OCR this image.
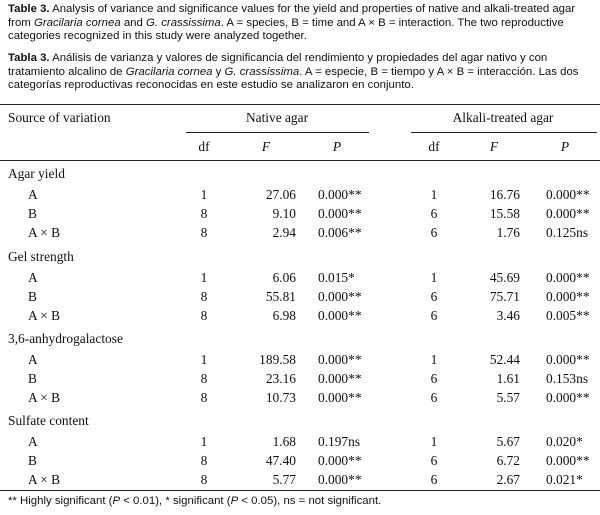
Table 3. Analysis of variance and significance values for the yield and properties of native and alkali-treated agar from Gracilaria cornea and G. crassissima. A = species, B = time and A × B = interaction. The two reproductive categories recognized in this study were analyzed together.
Tabla 3. Análisis de varianza y valores de significancia del rendimiento y propiedades del agar nativo y con tratamiento alcalino de Gracilaria cornea y G. crassissima. A = especie, B = tiempo y A × B = interacción. Las dos categorías reproductivas reconocidas en este estudio se analizaron en conjunto.
Source of variation	Native agar	Alkali-treated agar
df	F	P	df	F	P
Agar yield
A	1	27.06 0.000**	1	16.76 0.000**
B	8	9.10 0.000**	6	15.58 0.000**
A × B	8	2.94 0.006**	6	1.76 0.125ns
Gel strength
A	1	6.06 0.015*	1	45.69 0.000**
B	8	55.81 0.000**	6	75.71 0.000**
A × B	8	6.98 0.000**	6	3.46 0.005**
3,6-anhydrogalactose
A	1	189.58 0.000**	1	52.44 0.000**
B	8	23.16 0.000**	6	1.61 0.153ns
A × B	8	10.73 0.000**	6	5.57 0.000**
Sulfate content
A	1	1.68 0.197ns	1	5.67 0.020*
B	8	47.40 0.000**	6	6.72 0.000**
A × B	8	5.77 0.000**	6	2.67 0.021*
** Highly significant (P < 0.01), * significant (P < 0.05), ns = not significant.
